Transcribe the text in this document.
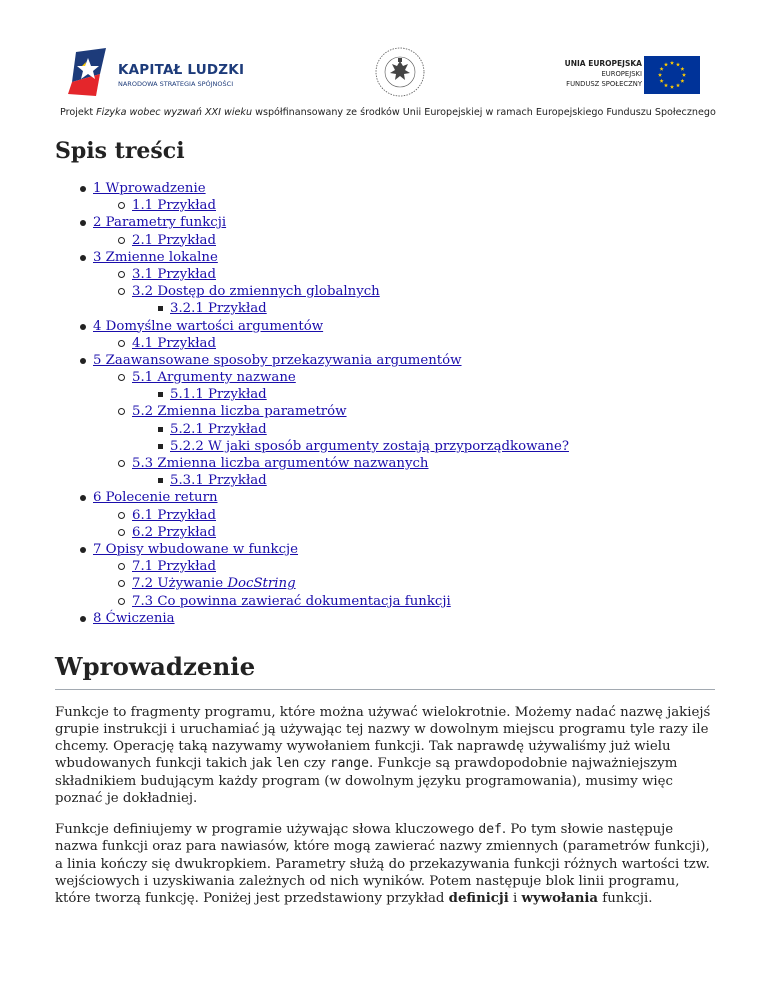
KAPITAŁ LUDZKI
NARODOWA STRATEGIA SPÓJNOŚCI
UNIA EUROPEJSKA
EUROPEJSKI
FUNDUSZ SPOŁECZNY
Projekt Fizyka wobec wyzwań XXI wieku współfinansowany ze środków Unii Europejskiej w ramach Europejskiego Funduszu Społecznego
Spis treści
1 Wprowadzenie
1.1 Przykład
2 Parametry funkcji
2.1 Przykład
3 Zmienne lokalne
3.1 Przykład
3.2 Dostęp do zmiennych globalnych
3.2.1 Przykład
4 Domyślne wartości argumentów
4.1 Przykład
5 Zaawansowane sposoby przekazywania argumentów
5.1 Argumenty nazwane
5.1.1 Przykład
5.2 Zmienna liczba parametrów
5.2.1 Przykład
5.2.2 W jaki sposób argumenty zostają przyporządkowane?
5.3 Zmienna liczba argumentów nazwanych
5.3.1 Przykład
6 Polecenie return
6.1 Przykład
6.2 Przykład
7 Opisy wbudowane w funkcje
7.1 Przykład
7.2 Używanie DocString
7.3 Co powinna zawierać dokumentacja funkcji
8 Ćwiczenia
Wprowadzenie

Funkcje to fragmenty programu, które można używać wielokrotnie. Możemy nadać nazwę jakiejś grupie instrukcji i uruchamiać ją używając tej nazwy w dowolnym miejscu programu tyle razy ile chcemy. Operację taką nazywamy wywołaniem funkcji. Tak naprawdę używaliśmy już wielu wbudowanych funkcji takich jak len czy range. Funkcje są prawdopodobnie najważniejszym składnikiem budującym każdy program (w dowolnym języku programowania), musimy więc poznać je dokładniej.

Funkcje definiujemy w programie używając słowa kluczowego def. Po tym słowie następuje nazwa funkcji oraz para nawiasów, które mogą zawierać nazwy zmiennych (parametrów funkcji), a linia kończy się dwukropkiem. Parametry służą do przekazywania funkcji różnych wartości tzw. wejściowych i uzyskiwania zależnych od nich wyników. Potem następuje blok linii programu, które tworzą funkcję. Poniżej jest przedstawiony przykład definicji i wywołania funkcji.
